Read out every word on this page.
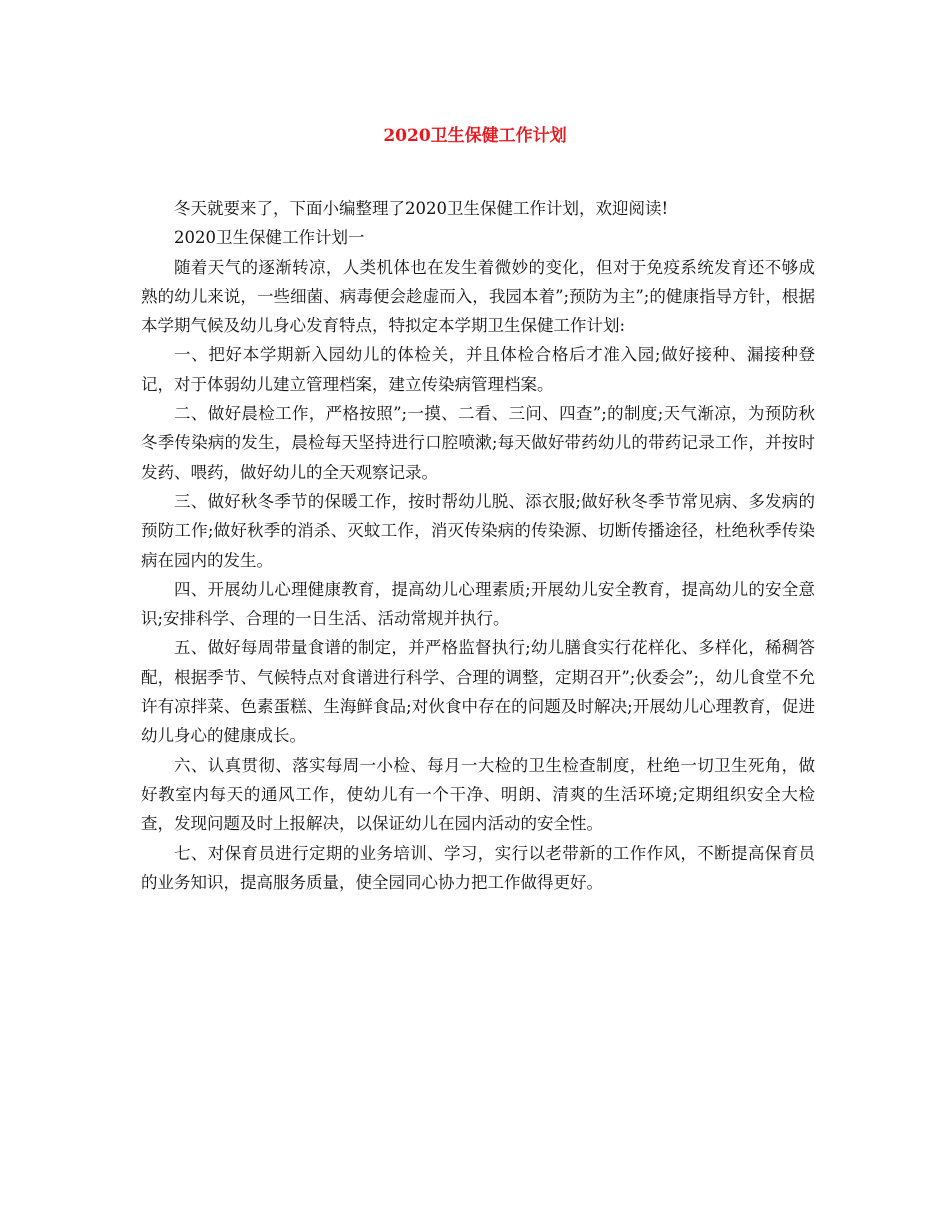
2020卫生保健工作计划

冬天就要来了，下面小编整理了2020卫生保健工作计划，欢迎阅读!

2020卫生保健工作计划一

随着天气的逐渐转凉，人类机体也在发生着微妙的变化，但对于免疫系统发育还不够成熟的幼儿来说，一些细菌、病毒便会趁虚而入，我园本着”;预防为主”;的健康指导方针，根据本学期气候及幼儿身心发育特点，特拟定本学期卫生保健工作计划:

一、把好本学期新入园幼儿的体检关，并且体检合格后才准入园;做好接种、漏接种登记，对于体弱幼儿建立管理档案，建立传染病管理档案。

二、做好晨检工作，严格按照”;一摸、二看、三问、四查”;的制度;天气渐凉，为预防秋冬季传染病的发生，晨检每天坚持进行口腔喷漱;每天做好带药幼儿的带药记录工作，并按时发药、喂药，做好幼儿的全天观察记录。

三、做好秋冬季节的保暖工作，按时帮幼儿脱、添衣服;做好秋冬季节常见病、多发病的预防工作;做好秋季的消杀、灭蚊工作，消灭传染病的传染源、切断传播途径，杜绝秋季传染病在园内的发生。

四、开展幼儿心理健康教育，提高幼儿心理素质;开展幼儿安全教育，提高幼儿的安全意识;安排科学、合理的一日生活、活动常规并执行。

五、做好每周带量食谱的制定，并严格监督执行;幼儿膳食实行花样化、多样化，稀稠答配，根据季节、气候特点对食谱进行科学、合理的调整，定期召开”;伙委会”;，幼儿食堂不允许有凉拌菜、色素蛋糕、生海鲜食品;对伙食中存在的问题及时解决;开展幼儿心理教育，促进幼儿身心的健康成长。

六、认真贯彻、落实每周一小检、每月一大检的卫生检查制度，杜绝一切卫生死角，做好教室内每天的通风工作，使幼儿有一个干净、明朗、清爽的生活环境;定期组织安全大检查，发现问题及时上报解决，以保证幼儿在园内活动的安全性。

七、对保育员进行定期的业务培训、学习，实行以老带新的工作作风，不断提高保育员的业务知识，提高服务质量，使全园同心协力把工作做得更好。
